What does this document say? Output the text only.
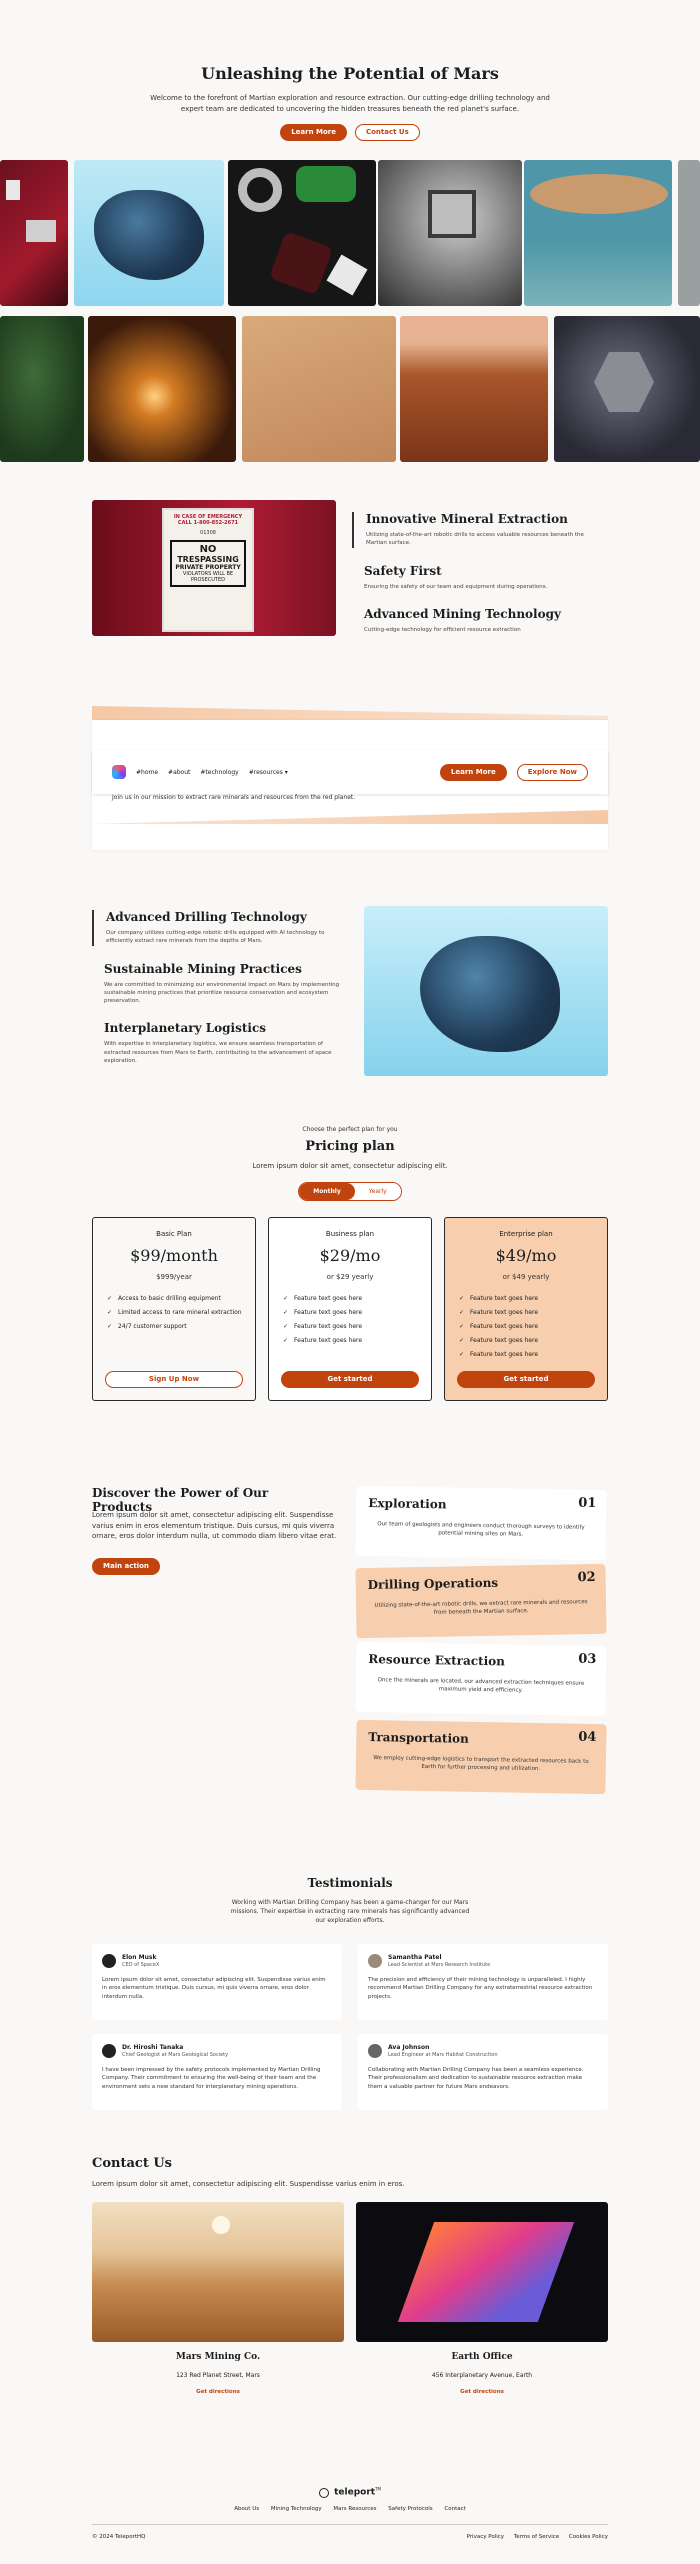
Unleashing the Potential of Mars

Welcome to the forefront of Martian exploration and resource extraction. Our cutting-edge drilling technology and expert team are dedicated to uncovering the hidden treasures beneath the red planet's surface.

Learn More	Contact Us
IN CASE OF EMERGENCY
CALL 1-800-852-2671
01308
NO
TRESPASSING
PRIVATE PROPERTY
VIOLATORS WILL BE
PROSECUTED
Innovative Mineral Extraction

Utilizing state-of-the-art robotic drills to access valuable resources beneath the Martian surface.

Safety First

Ensuring the safety of our team and equipment during operations.

Advanced Mining Technology

Cutting-edge technology for efficient resource extraction

#home #about #technology #resources ▾	Learn More	Explore Now
Join us in our mission to extract rare minerals and resources from the red planet.
Advanced Drilling Technology

Our company utilizes cutting-edge robotic drills equipped with AI technology to efficiently extract rare minerals from the depths of Mars.

Sustainable Mining Practices

We are committed to minimizing our environmental impact on Mars by implementing sustainable mining practices that prioritize resource conservation and ecosystem preservation.

Interplanetary Logistics

With expertise in interplanetary logistics, we ensure seamless transportation of extracted resources from Mars to Earth, contributing to the advancement of space exploration.

Choose the perfect plan for you
Pricing plan
Lorem ipsum dolor sit amet, consectetur adipiscing elit.
Monthly	Yearly
Basic Plan
$99/month
$999/year
✓ Access to basic drilling equipment
✓ Limited access to rare mineral extraction
✓ 24/7 customer support
Sign Up Now
Business plan
$29/mo
or $29 yearly
✓ Feature text goes here
✓ Feature text goes here
✓ Feature text goes here
✓ Feature text goes here
Get started
Enterprise plan
$49/mo
or $49 yearly
✓ Feature text goes here
✓ Feature text goes here
✓ Feature text goes here
✓ Feature text goes here
✓ Feature text goes here
Get started
Discover the Power of Our Products

Lorem ipsum dolor sit amet, consectetur adipiscing elit. Suspendisse varius enim in eros elementum tristique. Duis cursus, mi quis viverra ornare, eros dolor interdum nulla, ut commodo diam libero vitae erat.

Main action
Exploration	01

Our team of geologists and engineers conduct thorough surveys to identify potential mining sites on Mars.

Drilling Operations	02

Utilizing state-of-the-art robotic drills, we extract rare minerals and resources from beneath the Martian surface.

Resource Extraction	03

Once the minerals are located, our advanced extraction techniques ensure maximum yield and efficiency.

Transportation	04

We employ cutting-edge logistics to transport the extracted resources back to Earth for further processing and utilization.

Testimonials

Working with Martian Drilling Company has been a game-changer for our Mars missions. Their expertise in extracting rare minerals has significantly advanced our exploration efforts.

Elon Musk
CEO of SpaceX

Lorem ipsum dolor sit amet, consectetur adipiscing elit. Suspendisse varius enim in eros elementum tristique. Duis cursus, mi quis viverra ornare, eros dolor interdum nulla.

Samantha Patel
Lead Scientist at Mars Research Institute

The precision and efficiency of their mining technology is unparalleled. I highly recommend Martian Drilling Company for any extraterrestrial resource extraction projects.

Dr. Hiroshi Tanaka
Chief Geologist at Mars Geological Society

I have been impressed by the safety protocols implemented by Martian Drilling Company. Their commitment to ensuring the well-being of their team and the environment sets a new standard for interplanetary mining operations.

Ava Johnson
Lead Engineer at Mars Habitat Construction

Collaborating with Martian Drilling Company has been a seamless experience. Their professionalism and dedication to sustainable resource extraction make them a valuable partner for future Mars endeavors.

Contact Us

Lorem ipsum dolor sit amet, consectetur adipiscing elit. Suspendisse varius enim in eros.

Mars Mining Co.
123 Red Planet Street, Mars
Get directions
Earth Office
456 Interplanetary Avenue, Earth
Get directions
teleport™
About Us Mining Technology Mars Resources Safety Protocols Contact
© 2024 TeleportHQ	Privacy Policy Terms of Service Cookies Policy
